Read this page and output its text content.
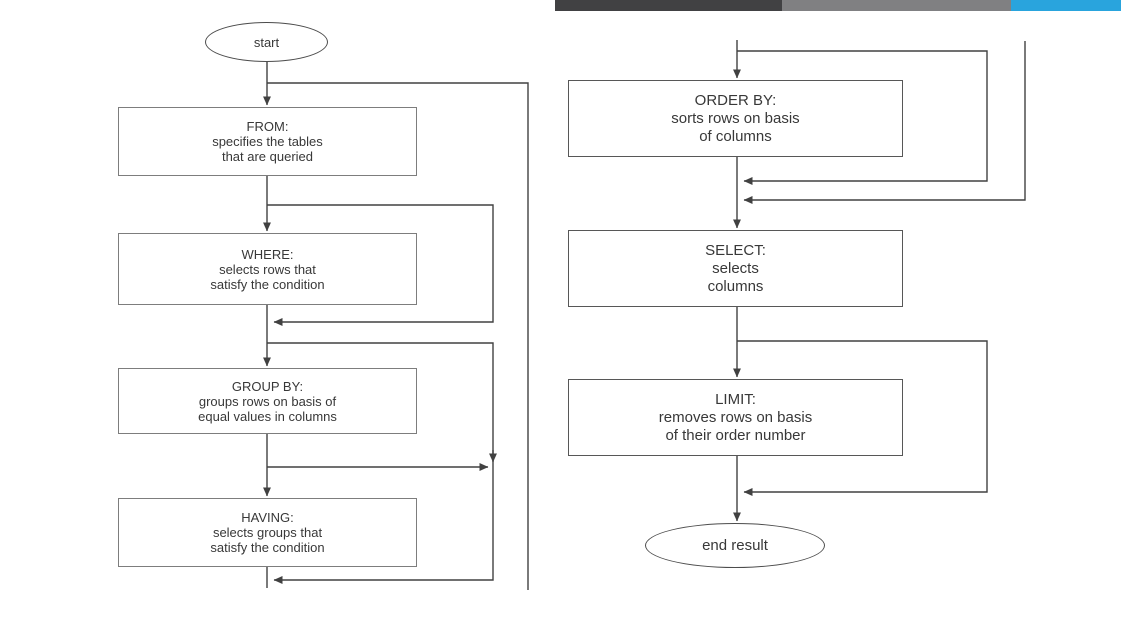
start
end result
FROM:
specifies the tables
that are queried
WHERE:
selects rows that
satisfy the condition
GROUP BY:
groups rows on basis of
equal values in columns
HAVING:
selects groups that
satisfy the condition
ORDER BY:
sorts rows on basis
of columns
SELECT:
selects
columns
LIMIT:
removes rows on basis
of their order number
